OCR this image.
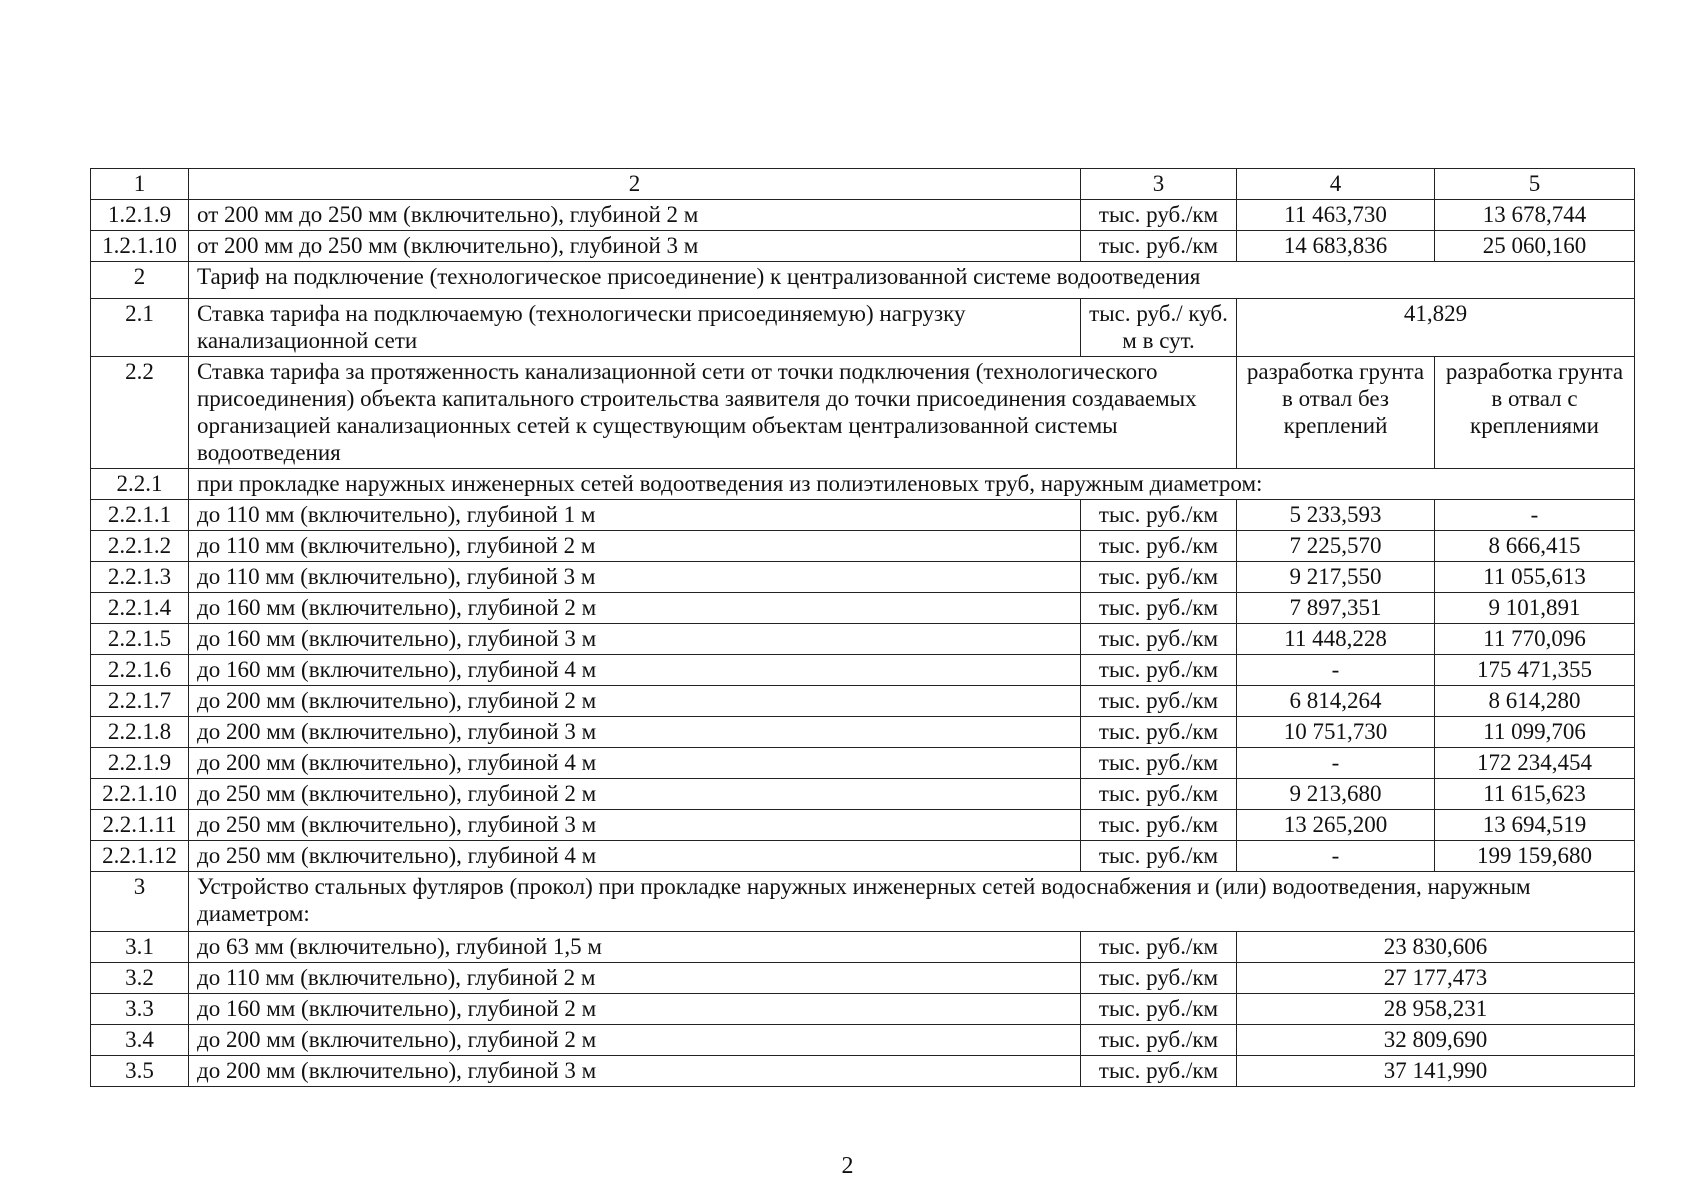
1	2	3	4	5
1.2.1.9	от 200 мм до 250 мм (включительно), глубиной 2 м	тыс. руб./км	11 463,730	13 678,744
1.2.1.10	от 200 мм до 250 мм (включительно), глубиной 3 м	тыс. руб./км	14 683,836	25 060,160
2	Тариф на подключение (технологическое присоединение) к централизованной системе водоотведения			
2.1	Ставка тарифа на подключаемую (технологически присоединяемую) нагрузку канализационной сети	тыс. руб./ куб. м в сут.	41,829	
2.2	Ставка тарифа за протяженность канализационной сети от точки подключения (технологического присоединения) объекта капитального строительства заявителя до точки присоединения создаваемых организацией канализационных сетей к существующим объектам централизованной системы водоотведения		разработка грунта в отвал без креплений	разработка грунта в отвал с креплениями
2.2.1	при прокладке наружных инженерных сетей водоотведения из полиэтиленовых труб, наружным диаметром:			
2.2.1.1	до 110 мм (включительно), глубиной 1 м	тыс. руб./км	5 233,593	-
2.2.1.2	до 110 мм (включительно), глубиной 2 м	тыс. руб./км	7 225,570	8 666,415
2.2.1.3	до 110 мм (включительно), глубиной 3 м	тыс. руб./км	9 217,550	11 055,613
2.2.1.4	до 160 мм (включительно), глубиной 2 м	тыс. руб./км	7 897,351	9 101,891
2.2.1.5	до 160 мм (включительно), глубиной 3 м	тыс. руб./км	11 448,228	11 770,096
2.2.1.6	до 160 мм (включительно), глубиной 4 м	тыс. руб./км	-	175 471,355
2.2.1.7	до 200 мм (включительно), глубиной 2 м	тыс. руб./км	6 814,264	8 614,280
2.2.1.8	до 200 мм (включительно), глубиной 3 м	тыс. руб./км	10 751,730	11 099,706
2.2.1.9	до 200 мм (включительно), глубиной 4 м	тыс. руб./км	-	172 234,454
2.2.1.10	до 250 мм (включительно), глубиной 2 м	тыс. руб./км	9 213,680	11 615,623
2.2.1.11	до 250 мм (включительно), глубиной 3 м	тыс. руб./км	13 265,200	13 694,519
2.2.1.12	до 250 мм (включительно), глубиной 4 м	тыс. руб./км	-	199 159,680
3	Устройство стальных футляров (прокол) при прокладке наружных инженерных сетей водоснабжения и (или) водоотведения, наружным диаметром:			
3.1	до 63 мм (включительно), глубиной 1,5 м	тыс. руб./км	23 830,606	
3.2	до 110 мм (включительно), глубиной 2 м	тыс. руб./км	27 177,473	
3.3	до 160 мм (включительно), глубиной 2 м	тыс. руб./км	28 958,231	
3.4	до 200 мм (включительно), глубиной 2 м	тыс. руб./км	32 809,690	
3.5	до 200 мм (включительно), глубиной 3 м	тыс. руб./км	37 141,990	
2
